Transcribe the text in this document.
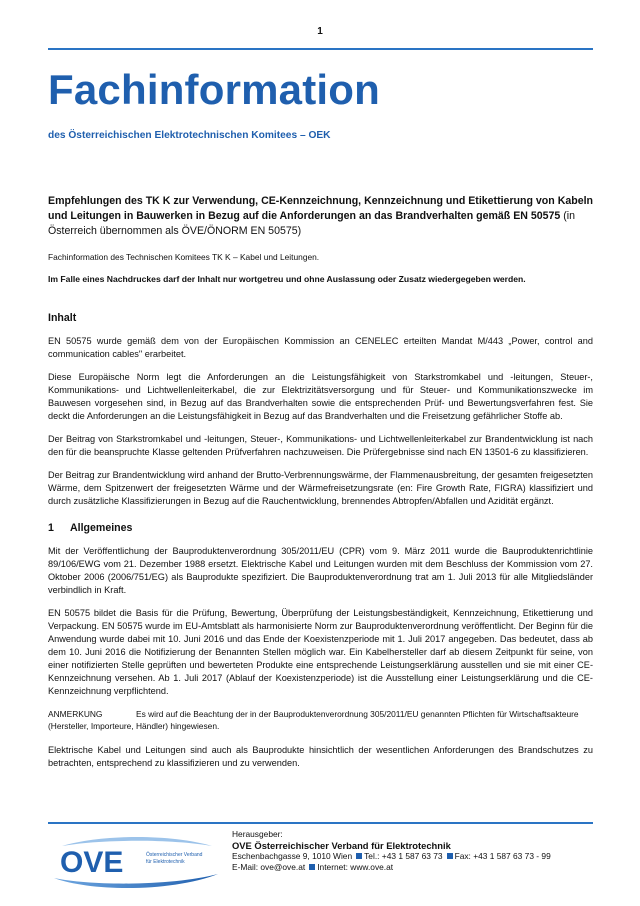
1
Fachinformation
des Österreichischen Elektrotechnischen Komitees – OEK

Empfehlungen des TK K zur Verwendung, CE-Kennzeichnung, Kennzeichnung und Etikettierung von Kabeln und Leitungen in Bauwerken in Bezug auf die Anforderungen an das Brandverhalten gemäß EN 50575 (in Österreich übernommen als ÖVE/ÖNORM EN 50575)

Fachinformation des Technischen Komitees TK K – Kabel und Leitungen.

Im Falle eines Nachdruckes darf der Inhalt nur wortgetreu und ohne Auslassung oder Zusatz wiedergegeben werden.

Inhalt

EN 50575 wurde gemäß dem von der Europäischen Kommission an CENELEC erteilten Mandat M/443 „Power, control and communication cables" erarbeitet.

Diese Europäische Norm legt die Anforderungen an die Leistungsfähigkeit von Starkstromkabel und -leitungen, Steuer-, Kommunikations- und Lichtwellenleiterkabel, die zur Elektrizitätsversorgung und für Steuer- und Kommunikationszwecke im Bauwesen vorgesehen sind, in Bezug auf das Brandverhalten sowie die entsprechenden Prüf- und Bewertungsverfahren fest. Sie deckt die Anforderungen an die Leistungsfähigkeit in Bezug auf das Brandverhalten und die Freisetzung gefährlicher Stoffe ab.

Der Beitrag von Starkstromkabel und -leitungen, Steuer-, Kommunikations- und Lichtwellenleiterkabel zur Brandentwicklung ist nach den für die beanspruchte Klasse geltenden Prüfverfahren nachzuweisen. Die Prüfergebnisse sind nach EN 13501-6 zu klassifizieren.

Der Beitrag zur Brandentwicklung wird anhand der Brutto-Verbrennungswärme, der Flammenausbreitung, der gesamten freigesetzten Wärme, dem Spitzenwert der freigesetzten Wärme und der Wärmefreisetzungsrate (en: Fire Growth Rate, FIGRA) klassifiziert und durch zusätzliche Klassifizierungen in Bezug auf die Rauchentwicklung, brennendes Abtropfen/Abfallen und Azidität ergänzt.

1	Allgemeines

Mit der Veröffentlichung der Bauproduktenverordnung 305/2011/EU (CPR) vom 9. März 2011 wurde die Bauproduktenrichtlinie 89/106/EWG vom 21. Dezember 1988 ersetzt. Elektrische Kabel und Leitungen wurden mit dem Beschluss der Kommission vom 27. Oktober 2006 (2006/751/EG) als Bauprodukte spezifiziert. Die Bauproduktenverordnung trat am 1. Juli 2013 für alle Mitgliedsländer verbindlich in Kraft.

EN 50575 bildet die Basis für die Prüfung, Bewertung, Überprüfung der Leistungsbeständigkeit, Kennzeichnung, Etikettierung und Verpackung. EN 50575 wurde im EU-Amtsblatt als harmonisierte Norm zur Bauproduktenverordnung veröffentlicht. Der Beginn für die Anwendung wurde dabei mit 10. Juni 2016 und das Ende der Koexistenzperiode mit 1. Juli 2017 angegeben. Das bedeutet, dass ab dem 10. Juni 2016 die Notifizierung der Benannten Stellen möglich war. Ein Kabelhersteller darf ab diesem Zeitpunkt für seine, von einer notifizierten Stelle geprüften und bewerteten Produkte eine entsprechende Leistungserklärung ausstellen und sie mit einer CE-Kennzeichnung versehen. Ab 1. Juli 2017 (Ablauf der Koexistenzperiode) ist die Ausstellung einer Leistungserklärung und die CE-Kennzeichnung verpflichtend.

ANMERKUNG	Es wird auf die Beachtung der in der Bauproduktenverordnung 305/2011/EU genannten Pflichten für Wirtschaftsakteure (Hersteller, Importeure, Händler) hingewiesen.

Elektrische Kabel und Leitungen sind auch als Bauprodukte hinsichtlich der wesentlichen Anforderungen des Brandschutzes zu betrachten, entsprechend zu klassifizieren und zu verwenden.

OVE	Österreichischer Verband
für Elektrotechnik
Herausgeber:
OVE Österreichischer Verband für Elektrotechnik
Eschenbachgasse 9, 1010 Wien Tel.: +43 1 587 63 73 Fax: +43 1 587 63 73 - 99
E-Mail: ove@ove.at Internet: www.ove.at
